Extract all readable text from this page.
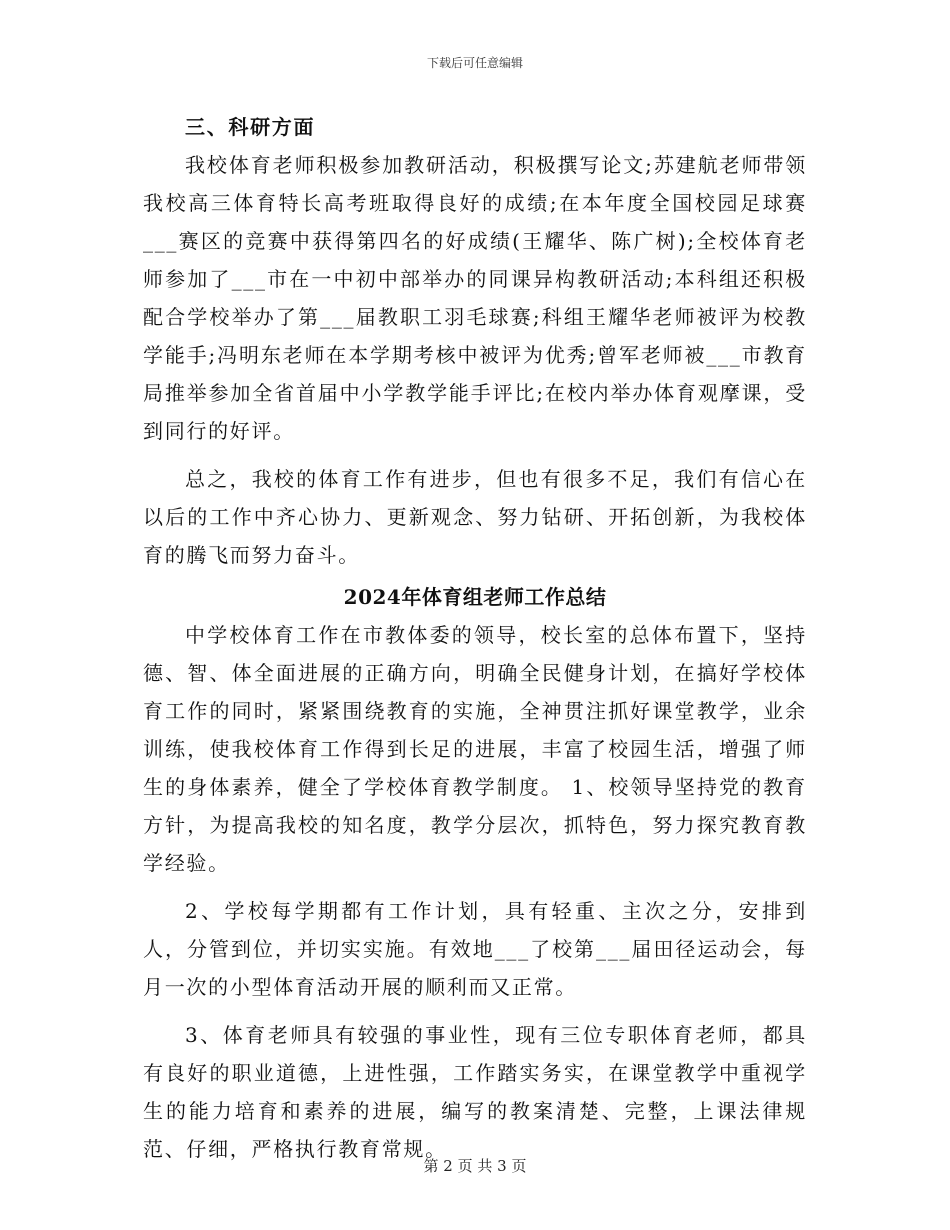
下载后可任意编辑

三、科研方面

我校体育老师积极参加教研活动，积极撰写论文;苏建航老师带领我校高三体育特长高考班取得良好的成绩;在本年度全国校园足球赛___赛区的竞赛中获得第四名的好成绩(王耀华、陈广树);全校体育老师参加了___市在一中初中部举办的同课异构教研活动;本科组还积极配合学校举办了第___届教职工羽毛球赛;科组王耀华老师被评为校教学能手;冯明东老师在本学期考核中被评为优秀;曾军老师被___市教育局推举参加全省首届中小学教学能手评比;在校内举办体育观摩课，受到同行的好评。

总之，我校的体育工作有进步，但也有很多不足，我们有信心在以后的工作中齐心协力、更新观念、努力钻研、开拓创新，为我校体育的腾飞而努力奋斗。

2024年体育组老师工作总结

中学校体育工作在市教体委的领导，校长室的总体布置下，坚持德、智、体全面进展的正确方向，明确全民健身计划，在搞好学校体育工作的同时，紧紧围绕教育的实施，全神贯注抓好课堂教学，业余训练，使我校体育工作得到长足的进展，丰富了校园生活，增强了师生的身体素养，健全了学校体育教学制度。 1、校领导坚持党的教育方针，为提高我校的知名度，教学分层次，抓特色，努力探究教育教学经验。

2、学校每学期都有工作计划，具有轻重、主次之分，安排到人，分管到位，并切实实施。有效地___了校第___届田径运动会，每月一次的小型体育活动开展的顺利而又正常。

3、体育老师具有较强的事业性，现有三位专职体育老师，都具有良好的职业道德，上进性强，工作踏实务实，在课堂教学中重视学生的能力培育和素养的进展，编写的教案清楚、完整，上课法律规范、仔细，严格执行教育常规。

第 2 页 共 3 页
